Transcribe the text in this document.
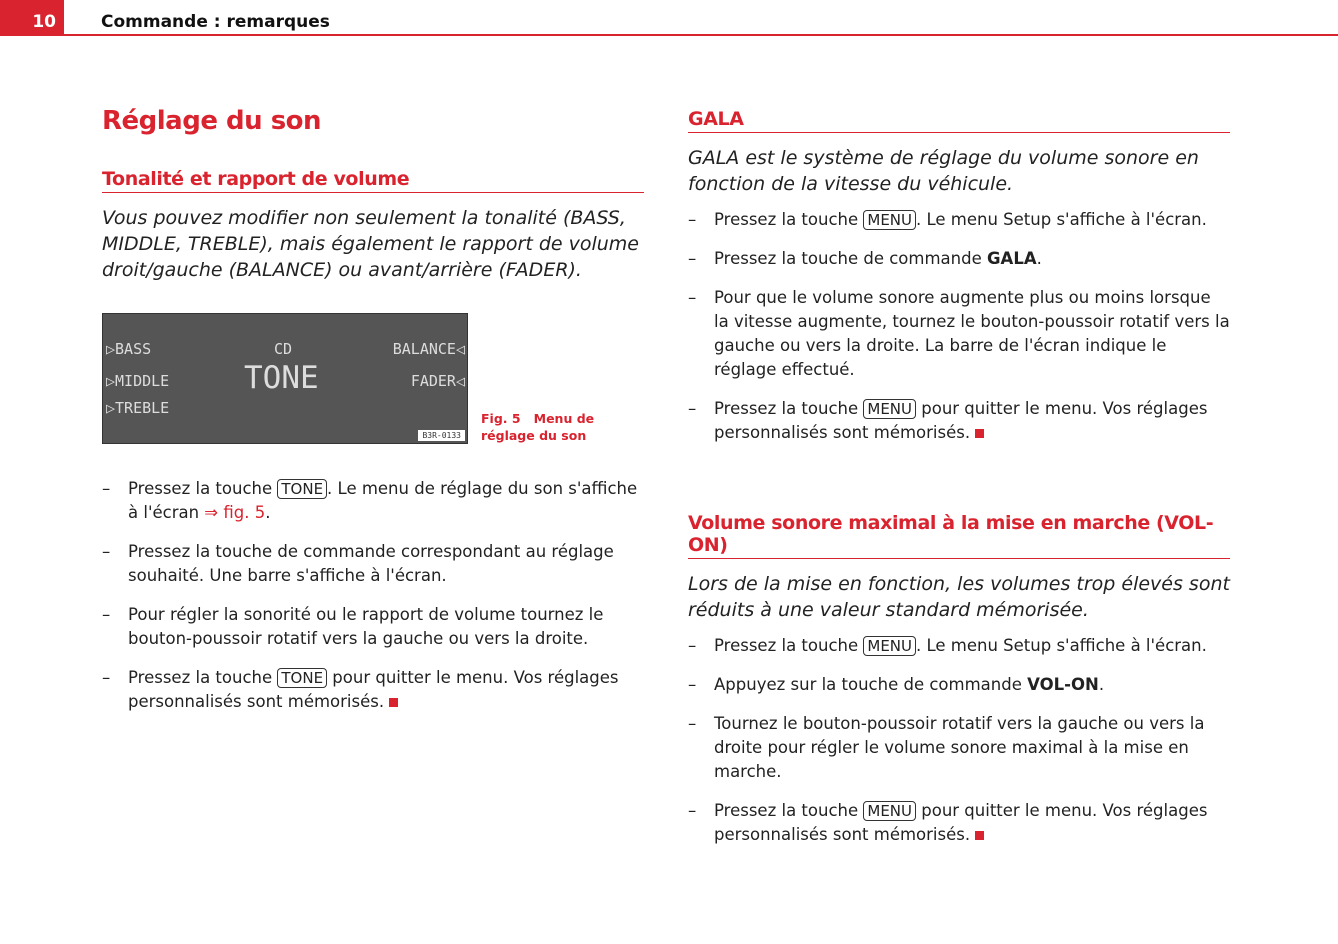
10	Commande : remarques
Réglage du son
Tonalité et rapport de volume
Vous pouvez modifier non seulement la tonalité (BASS, MIDDLE, TREBLE), mais également le rapport de volume droit/gauche (BALANCE) ou avant/arrière (FADER).
▷BASS
▷MIDDLE
▷TREBLE
CD
TONE
BALANCE◁
FADER◁
B3R-0133
Fig. 5 Menu de réglage du son
– Pressez la touche TONE . Le menu de réglage du son s'affiche à l'écran ⇒ fig. 5.
– Pressez la touche de commande correspondant au réglage souhaité. Une barre s'affiche à l'écran.
– Pour régler la sonorité ou le rapport de volume tournez le bouton-poussoir rotatif vers la gauche ou vers la droite.
– Pressez la touche TONE pour quitter le menu. Vos réglages personnalisés sont mémorisés.
GALA
GALA est le système de réglage du volume sonore en fonction de la vitesse du véhicule.
– Pressez la touche MENU . Le menu Setup s'affiche à l'écran.
– Pressez la touche de commande GALA.
– Pour que le volume sonore augmente plus ou moins lorsque la vitesse augmente, tournez le bouton-poussoir rotatif vers la gauche ou vers la droite. La barre de l'écran indique le réglage effectué.
– Pressez la touche MENU pour quitter le menu. Vos réglages personnalisés sont mémorisés.
Volume sonore maximal à la mise en marche (VOL-ON)
Lors de la mise en fonction, les volumes trop élevés sont réduits à une valeur standard mémorisée.
– Pressez la touche MENU . Le menu Setup s'affiche à l'écran.
– Appuyez sur la touche de commande VOL-ON.
– Tournez le bouton-poussoir rotatif vers la gauche ou vers la droite pour régler le volume sonore maximal à la mise en marche.
– Pressez la touche MENU pour quitter le menu. Vos réglages personnalisés sont mémorisés.
